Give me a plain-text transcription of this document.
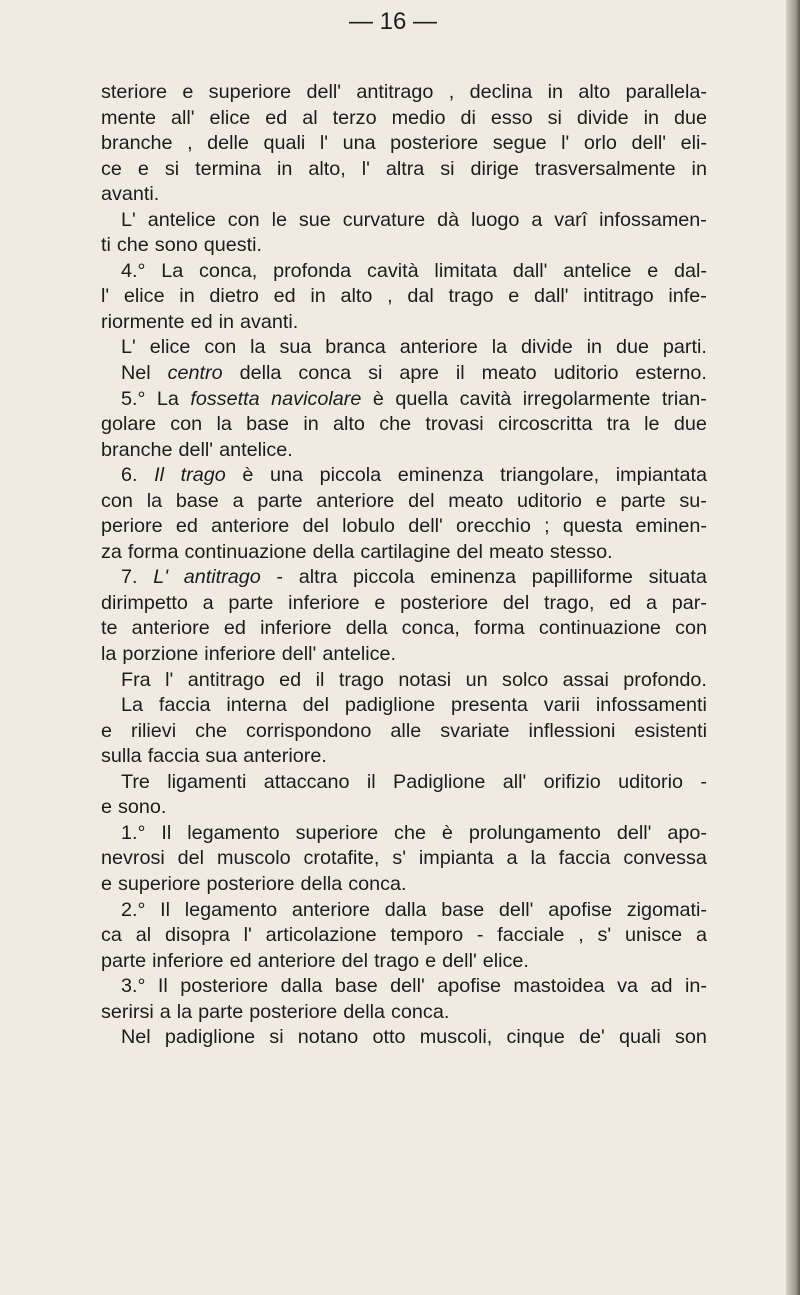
— 16 —
steriore e superiore dell' antitrago , declina in alto parallela-
mente all' elice ed al terzo medio di esso si divide in due
branche , delle quali l' una posteriore segue l' orlo dell' eli-
ce e si termina in alto, l' altra si dirige trasversalmente in
avanti.
L' antelice con le sue curvature dà luogo a varî infossamen-
ti che sono questi.
4.° La conca, profonda cavità limitata dall' antelice e dal-
l' elice in dietro ed in alto , dal trago e dall' intitrago infe-
riormente ed in avanti.
L' elice con la sua branca anteriore la divide in due parti.
Nel centro della conca si apre il meato uditorio esterno.
5.° La fossetta navicolare è quella cavità irregolarmente trian-
golare con la base in alto che trovasi circoscritta tra le due
branche dell' antelice.
6. Il trago è una piccola eminenza triangolare, impiantata
con la base a parte anteriore del meato uditorio e parte su-
periore ed anteriore del lobulo dell' orecchio ; questa eminen-
za forma continuazione della cartilagine del meato stesso.
7. L' antitrago - altra piccola eminenza papilliforme situata
dirimpetto a parte inferiore e posteriore del trago, ed a par-
te anteriore ed inferiore della conca, forma continuazione con
la porzione inferiore dell' antelice.
Fra l' antitrago ed il trago notasi un solco assai profondo.
La faccia interna del padiglione presenta varii infossamenti
e rilievi che corrispondono alle svariate inflessioni esistenti
sulla faccia sua anteriore.
Tre ligamenti attaccano il Padiglione all' orifizio uditorio -
e sono.
1.° Il legamento superiore che è prolungamento dell' apo-
nevrosi del muscolo crotafite, s' impianta a la faccia convessa
e superiore posteriore della conca.
2.° Il legamento anteriore dalla base dell' apofise zigomati-
ca al disopra l' articolazione temporo - facciale , s' unisce a
parte inferiore ed anteriore del trago e dell' elice.
3.° Il posteriore dalla base dell' apofise mastoidea va ad in-
serirsi a la parte posteriore della conca.
Nel padiglione si notano otto muscoli, cinque de' quali son
